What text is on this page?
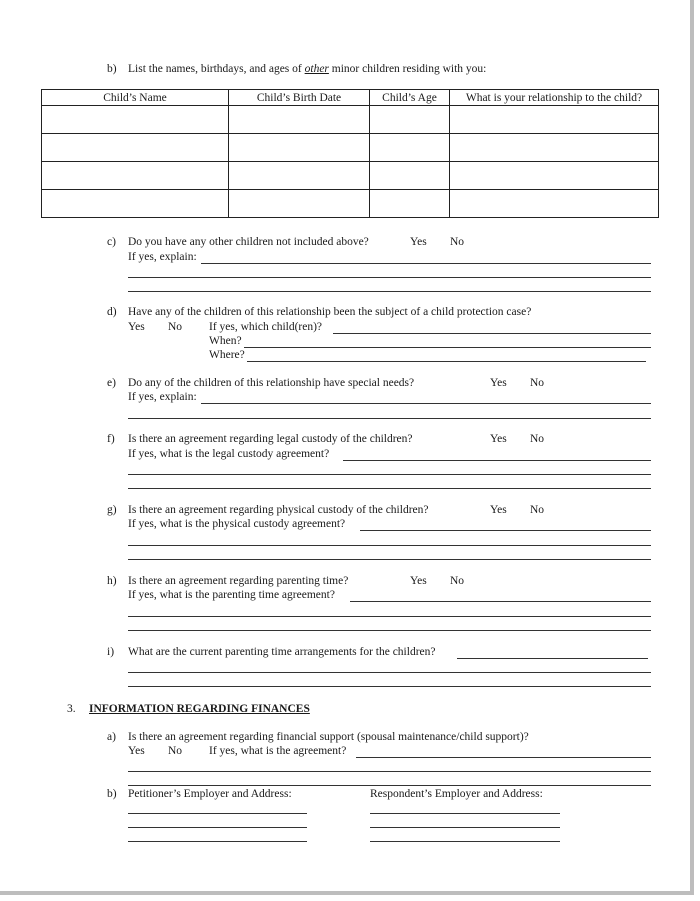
b) List the names, birthdays, and ages of other minor children residing with you:
Child’s Name	Child’s Birth Date	Child’s Age	What is your relationship to the child?

c) Do you have any other children not included above?	Yes No
If yes, explain:
d) Have any of the children of this relationship been the subject of a child protection case?
Yes No If yes, which child(ren)?
When?
Where?
e) Do any of the children of this relationship have special needs?	Yes No
If yes, explain:
f) Is there an agreement regarding legal custody of the children?	Yes No
If yes, what is the legal custody agreement?
g) Is there an agreement regarding physical custody of the children?	Yes No
If yes, what is the physical custody agreement?
h) Is there an agreement regarding parenting time?	Yes No
If yes, what is the parenting time agreement?
i) What are the current parenting time arrangements for the children?
3. INFORMATION REGARDING FINANCES
a) Is there an agreement regarding financial support (spousal maintenance/child support)?
Yes No If yes, what is the agreement?
b) Petitioner’s Employer and Address:	Respondent’s Employer and Address:
